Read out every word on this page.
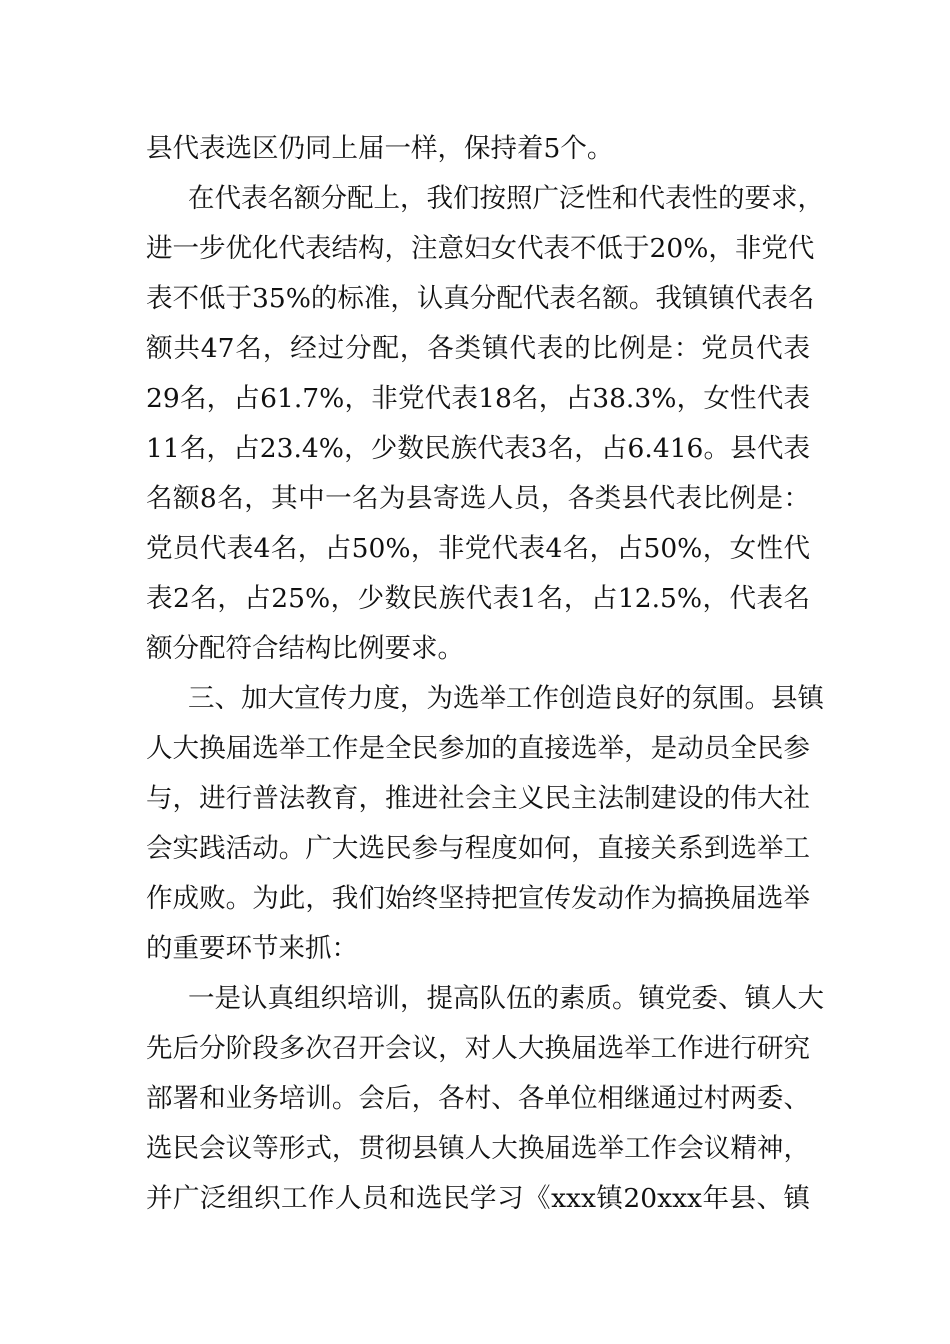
县代表选区仍同上届一样，保持着5个。
在代表名额分配上，我们按照广泛性和代表性的要求，
进一步优化代表结构，注意妇女代表不低于20%，非党代
表不低于35%的标准，认真分配代表名额。我镇镇代表名
额共47名，经过分配，各类镇代表的比例是：党员代表
29名，占61.7%，非党代表18名，占38.3%，女性代表
11名，占23.4%，少数民族代表3名，占6.416。县代表
名额8名，其中一名为县寄选人员，各类县代表比例是：
党员代表4名，占50%，非党代表4名，占50%，女性代
表2名，占25%，少数民族代表1名，占12.5%，代表名
额分配符合结构比例要求。
三、加大宣传力度，为选举工作创造良好的氛围。县镇
人大换届选举工作是全民参加的直接选举，是动员全民参
与，进行普法教育，推进社会主义民主法制建设的伟大社
会实践活动。广大选民参与程度如何，直接关系到选举工
作成败。为此，我们始终坚持把宣传发动作为搞换届选举
的重要环节来抓：
一是认真组织培训，提高队伍的素质。镇党委、镇人大
先后分阶段多次召开会议，对人大换届选举工作进行研究
部署和业务培训。会后，各村、各单位相继通过村两委、
选民会议等形式，贯彻县镇人大换届选举工作会议精神，
并广泛组织工作人员和选民学习《xxx镇20xxx年县、镇
